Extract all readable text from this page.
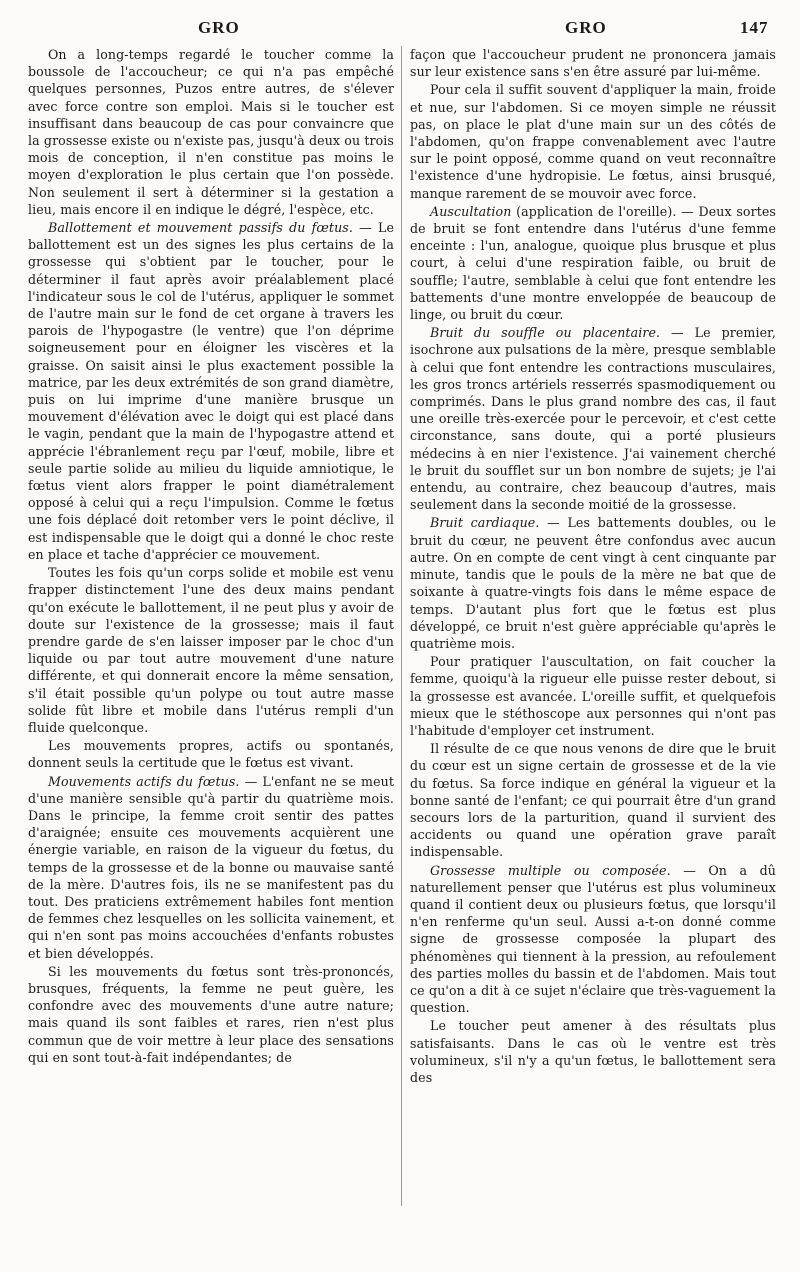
GRO	GRO	147

On a long-temps regardé le toucher comme la boussole de l'accoucheur; ce qui n'a pas empêché quelques personnes, Puzos entre autres, de s'élever avec force contre son emploi. Mais si le toucher est insuffisant dans beaucoup de cas pour convaincre que la grossesse existe ou n'existe pas, jusqu'à deux ou trois mois de conception, il n'en constitue pas moins le moyen d'exploration le plus certain que l'on possède. Non seulement il sert à déterminer si la gestation a lieu, mais encore il en indique le dégré, l'espèce, etc.

Ballottement et mouvement passifs du fœtus. — Le ballottement est un des signes les plus certains de la grossesse qui s'obtient par le toucher, pour le déterminer il faut après avoir préalablement placé l'indicateur sous le col de l'utérus, appliquer le sommet de l'autre main sur le fond de cet organe à travers les parois de l'hypogastre (le ventre) que l'on déprime soigneusement pour en éloigner les viscères et la graisse. On saisit ainsi le plus exactement possible la matrice, par les deux extrémités de son grand diamètre, puis on lui imprime d'une manière brusque un mouvement d'élévation avec le doigt qui est placé dans le vagin, pendant que la main de l'hypogastre attend et apprécie l'ébranlement reçu par l'œuf, mobile, libre et seule partie solide au milieu du liquide amniotique, le fœtus vient alors frapper le point diamétralement opposé à celui qui a reçu l'impulsion. Comme le fœtus une fois déplacé doit retomber vers le point déclive, il est indispensable que le doigt qui a donné le choc reste en place et tache d'apprécier ce mouvement.

Toutes les fois qu'un corps solide et mobile est venu frapper distinctement l'une des deux mains pendant qu'on exécute le ballottement, il ne peut plus y avoir de doute sur l'existence de la grossesse; mais il faut prendre garde de s'en laisser imposer par le choc d'un liquide ou par tout autre mouvement d'une nature différente, et qui donnerait encore la même sensation, s'il était possible qu'un polype ou tout autre masse solide fût libre et mobile dans l'utérus rempli d'un fluide quelconque.

Les mouvements propres, actifs ou spontanés, donnent seuls la certitude que le fœtus est vivant.

Mouvements actifs du fœtus. — L'enfant ne se meut d'une manière sensible qu'à partir du quatrième mois. Dans le principe, la femme croit sentir des pattes d'araignée; ensuite ces mouvements acquièrent une énergie variable, en raison de la vigueur du fœtus, du temps de la grossesse et de la bonne ou mauvaise santé de la mère. D'autres fois, ils ne se manifestent pas du tout. Des praticiens extrêmement habiles font mention de femmes chez lesquelles on les sollicita vainement, et qui n'en sont pas moins accouchées d'enfants robustes et bien développés.

Si les mouvements du fœtus sont très-prononcés, brusques, fréquents, la femme ne peut guère, les confondre avec des mouvements d'une autre nature; mais quand ils sont faibles et rares, rien n'est plus commun que de voir mettre à leur place des sensations qui en sont tout-à-fait indépendantes; de

façon que l'accoucheur prudent ne prononcera jamais sur leur existence sans s'en être assuré par lui-même.

Pour cela il suffit souvent d'appliquer la main, froide et nue, sur l'abdomen. Si ce moyen simple ne réussit pas, on place le plat d'une main sur un des côtés de l'abdomen, qu'on frappe convenablement avec l'autre sur le point opposé, comme quand on veut reconnaître l'existence d'une hydropisie. Le fœtus, ainsi brusqué, manque rarement de se mouvoir avec force.

Auscultation (application de l'oreille). — Deux sortes de bruit se font entendre dans l'utérus d'une femme enceinte : l'un, analogue, quoique plus brusque et plus court, à celui d'une respiration faible, ou bruit de souffle; l'autre, semblable à celui que font entendre les battements d'une montre enveloppée de beaucoup de linge, ou bruit du cœur.

Bruit du souffle ou placentaire. — Le premier, isochrone aux pulsations de la mère, presque semblable à celui que font entendre les contractions musculaires, les gros troncs artériels resserrés spasmodiquement ou comprimés. Dans le plus grand nombre des cas, il faut une oreille très-exercée pour le percevoir, et c'est cette circonstance, sans doute, qui a porté plusieurs médecins à en nier l'existence. J'ai vainement cherché le bruit du soufflet sur un bon nombre de sujets; je l'ai entendu, au contraire, chez beaucoup d'autres, mais seulement dans la seconde moitié de la grossesse.

Bruit cardiaque. — Les battements doubles, ou le bruit du cœur, ne peuvent être confondus avec aucun autre. On en compte de cent vingt à cent cinquante par minute, tandis que le pouls de la mère ne bat que de soixante à quatre-vingts fois dans le même espace de temps. D'autant plus fort que le fœtus est plus développé, ce bruit n'est guère appréciable qu'après le quatrième mois.

Pour pratiquer l'auscultation, on fait coucher la femme, quoiqu'à la rigueur elle puisse rester debout, si la grossesse est avancée. L'oreille suffit, et quelquefois mieux que le stéthoscope aux personnes qui n'ont pas l'habitude d'employer cet instrument.

Il résulte de ce que nous venons de dire que le bruit du cœur est un signe certain de grossesse et de la vie du fœtus. Sa force indique en général la vigueur et la bonne santé de l'enfant; ce qui pourrait être d'un grand secours lors de la parturition, quand il survient des accidents ou quand une opération grave paraît indispensable.

Grossesse multiple ou composée. — On a dû naturellement penser que l'utérus est plus volumineux quand il contient deux ou plusieurs fœtus, que lorsqu'il n'en renferme qu'un seul. Aussi a-t-on donné comme signe de grossesse composée la plupart des phénomènes qui tiennent à la pression, au refoulement des parties molles du bassin et de l'abdomen. Mais tout ce qu'on a dit à ce sujet n'éclaire que très-vaguement la question.

Le toucher peut amener à des résultats plus satisfaisants. Dans le cas où le ventre est très volumineux, s'il n'y a qu'un fœtus, le ballottement sera des
